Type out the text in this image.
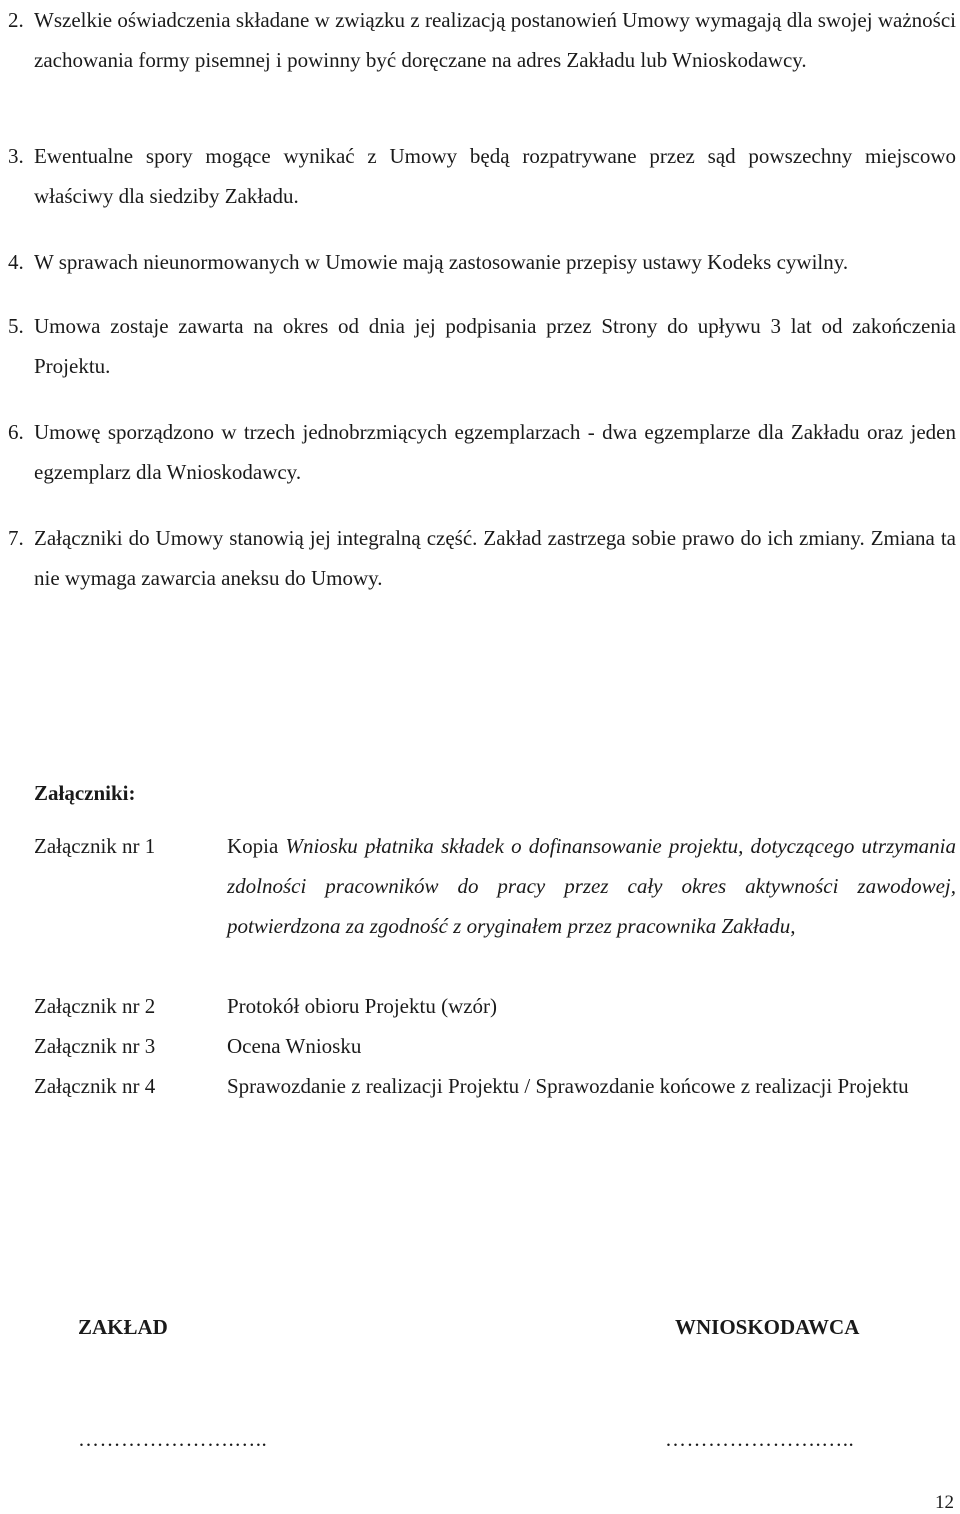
2. Wszelkie oświadczenia składane w związku z realizacją postanowień Umowy wymagają dla swojej ważności zachowania formy pisemnej i powinny być doręczane na adres Zakładu lub Wnioskodawcy.
3. Ewentualne spory mogące wynikać z Umowy będą rozpatrywane przez sąd powszechny miejscowo właściwy dla siedziby Zakładu.
4. W sprawach nieunormowanych w Umowie mają zastosowanie przepisy ustawy Kodeks cywilny.
5. Umowa zostaje zawarta na okres od dnia jej podpisania przez Strony do upływu 3 lat od zakończenia Projektu.
6. Umowę sporządzono w trzech jednobrzmiących egzemplarzach - dwa egzemplarze dla Zakładu oraz jeden egzemplarz dla Wnioskodawcy.
7. Załączniki do Umowy stanowią jej integralną część. Zakład zastrzega sobie prawo do ich zmiany. Zmiana ta nie wymaga zawarcia aneksu do Umowy.
Załączniki:
Załącznik nr 1	Kopia Wniosku płatnika składek o dofinansowanie projektu, dotyczącego utrzymania zdolności pracowników do pracy przez cały okres aktywności zawodowej, potwierdzona za zgodność z oryginałem przez pracownika Zakładu,
Załącznik nr 2	Protokół obioru Projektu (wzór)
Załącznik nr 3	Ocena Wniosku
Załącznik nr 4	Sprawozdanie z realizacji Projektu / Sprawozdanie końcowe z realizacji Projektu
ZAKŁAD	WNIOSKODAWCA
………………….…..	………………….…..
12
